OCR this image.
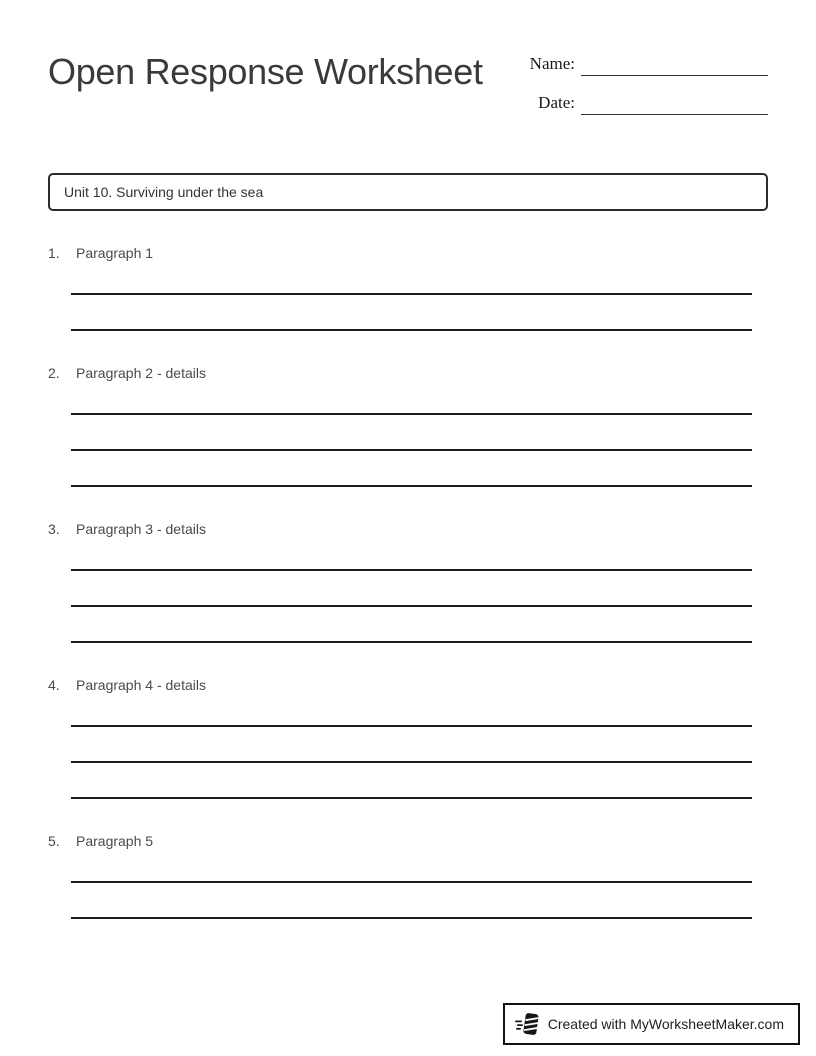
Open Response Worksheet	Name:
Date:
Unit 10. Surviving under the sea
1.	Paragraph 1
2.	Paragraph 2 - details
3.	Paragraph 3 - details
4.	Paragraph 4 - details
5.	Paragraph 5
Created with MyWorksheetMaker.com
